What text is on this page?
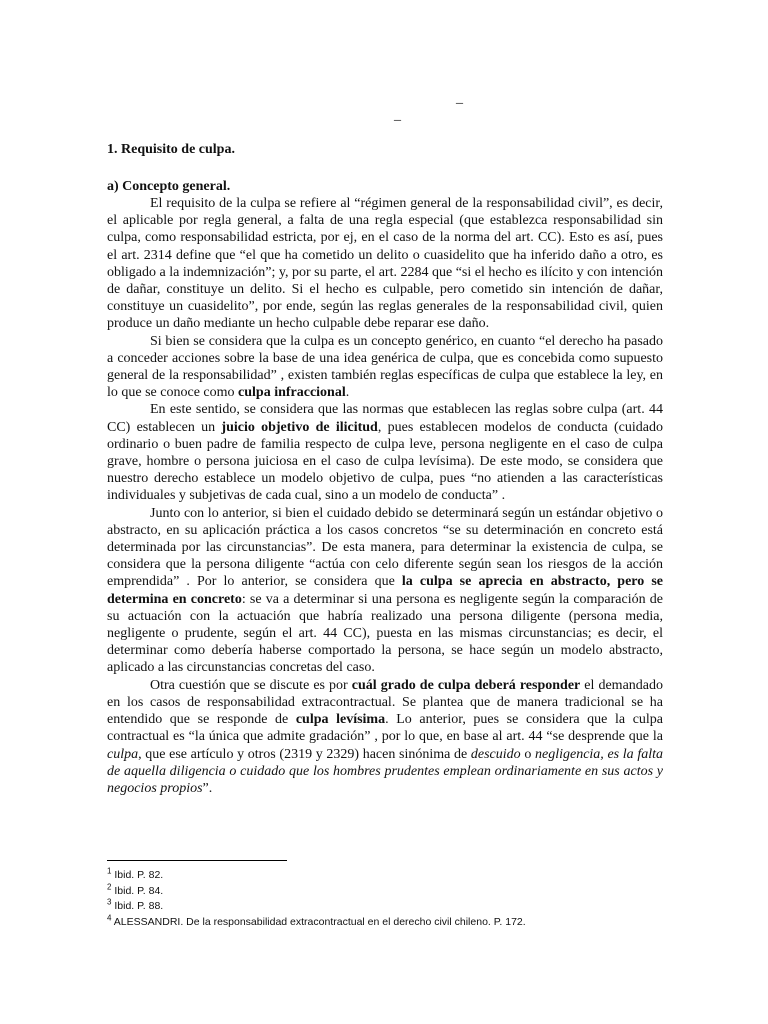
_
_
1. Requisito de culpa.
a) Concepto general.

El requisito de la culpa se refiere al “régimen general de la responsabilidad civil”, es decir, el aplicable por regla general, a falta de una regla especial (que establezca responsabilidad sin culpa, como responsabilidad estricta, por ej, en el caso de la norma del art. CC). Esto es así, pues el art. 2314 define que “el que ha cometido un delito o cuasidelito que ha inferido daño a otro, es obligado a la indemnización”; y, por su parte, el art. 2284 que “si el hecho es ilícito y con intención de dañar, constituye un delito. Si el hecho es culpable, pero cometido sin intención de dañar, constituye un cuasidelito”, por ende, según las reglas generales de la responsabilidad civil, quien produce un daño mediante un hecho culpable debe reparar ese daño.

Si bien se considera que la culpa es un concepto genérico, en cuanto “el derecho ha pasado a conceder acciones sobre la base de una idea genérica de culpa, que es concebida como supuesto general de la responsabilidad” , existen también reglas específicas de culpa que establece la ley, en lo que se conoce como culpa infraccional.

En este sentido, se considera que las normas que establecen las reglas sobre culpa (art. 44 CC) establecen un juicio objetivo de ilicitud, pues establecen modelos de conducta (cuidado ordinario o buen padre de familia respecto de culpa leve, persona negligente en el caso de culpa grave, hombre o persona juiciosa en el caso de culpa levísima). De este modo, se considera que nuestro derecho establece un modelo objetivo de culpa, pues “no atienden a las características individuales y subjetivas de cada cual, sino a un modelo de conducta” .

Junto con lo anterior, si bien el cuidado debido se determinará según un estándar objetivo o abstracto, en su aplicación práctica a los casos concretos “se su determinación en concreto está determinada por las circunstancias”. De esta manera, para determinar la existencia de culpa, se considera que la persona diligente “actúa con celo diferente según sean los riesgos de la acción emprendida” . Por lo anterior, se considera que la culpa se aprecia en abstracto, pero se determina en concreto: se va a determinar si una persona es negligente según la comparación de su actuación con la actuación que habría realizado una persona diligente (persona media, negligente o prudente, según el art. 44 CC), puesta en las mismas circunstancias; es decir, el determinar como debería haberse comportado la persona, se hace según un modelo abstracto, aplicado a las circunstancias concretas del caso.

Otra cuestión que se discute es por cuál grado de culpa deberá responder el demandado en los casos de responsabilidad extracontractual. Se plantea que de manera tradicional se ha entendido que se responde de culpa levísima. Lo anterior, pues se considera que la culpa contractual es “la única que admite gradación” , por lo que, en base al art. 44 “se desprende que la culpa, que ese artículo y otros (2319 y 2329) hacen sinónima de descuido o negligencia, es la falta de aquella diligencia o cuidado que los hombres prudentes emplean ordinariamente en sus actos y negocios propios”.

$^1$ Ibid. P. 82.
$^2$ Ibid. P. 84.
$^3$ Ibid. P. 88.
$^4$ ALESSANDRI. De la responsabilidad extracontractual en el derecho civil chileno. P. 172.
